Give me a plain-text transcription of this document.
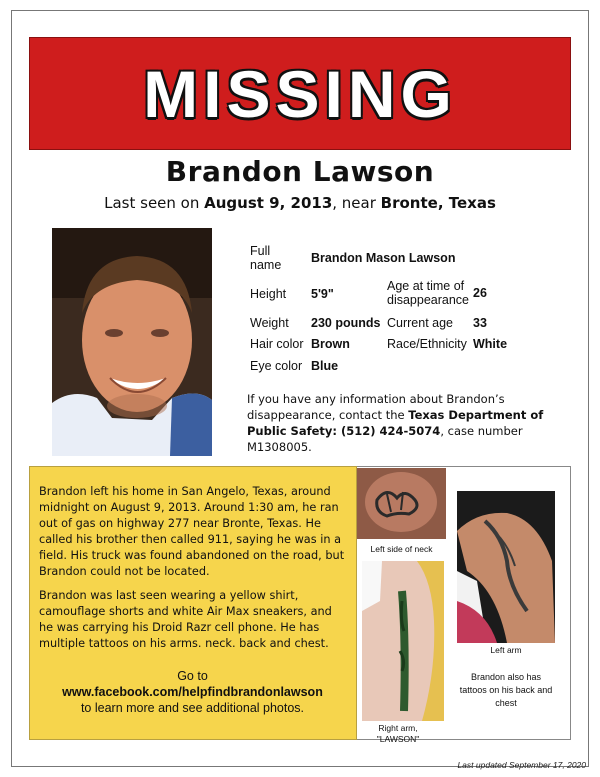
MISSING
Brandon Lawson
Last seen on August 9, 2013, near Bronte, Texas
Full name	Brandon Mason Lawson
Height 5'9"
Age at time of disappearance 26
Weight 230 pounds Current age 33
Hair color Brown	Race/Ethnicity White
Eye color Blue
If you have any information about Brandon’s disappearance, contact the Texas Department of Public Safety: (512) 424-5074, case number M1308005.

Brandon left his home in San Angelo, Texas, around midnight on August 9, 2013. Around 1:30 am, he ran out of gas on highway 277 near Bronte, Texas. He called his brother then called 911, saying he was in a field. His truck was found abandoned on the road, but Brandon could not be located.

Brandon was last seen wearing a yellow shirt, camouflage shorts and white Air Max sneakers, and he was carrying his Droid Razr cell phone. He has multiple tattoos on his arms. neck. back and chest.

Go to
www.facebook.com/helpfindbrandonlawson
to learn more and see additional photos.
Left side of neck
Left arm
Right arm,
"LAWSON"
Brandon also has tattoos on his back and chest
Last updated September 17, 2020
